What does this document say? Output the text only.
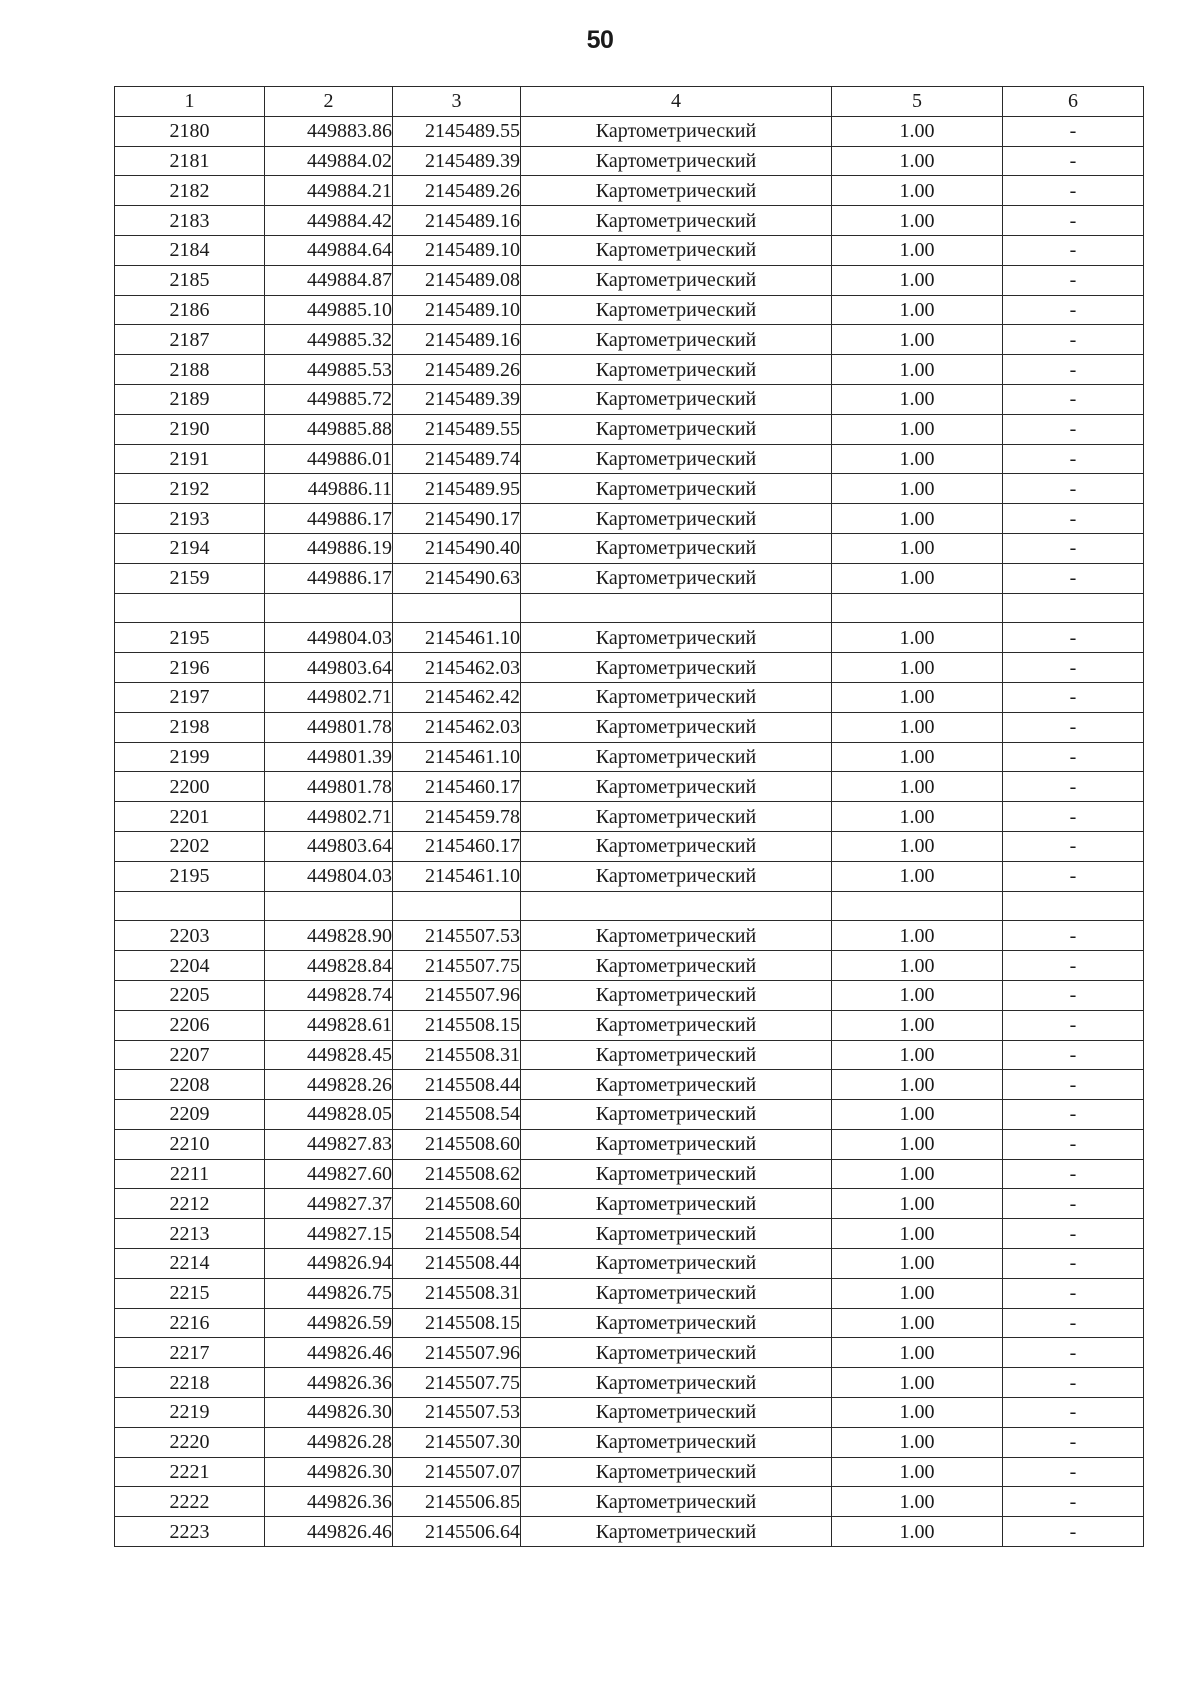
50
1	2	3	4	5	6
2180	449883.86	2145489.55	Картометрический	1.00	-
2181	449884.02	2145489.39	Картометрический	1.00	-
2182	449884.21	2145489.26	Картометрический	1.00	-
2183	449884.42	2145489.16	Картометрический	1.00	-
2184	449884.64	2145489.10	Картометрический	1.00	-
2185	449884.87	2145489.08	Картометрический	1.00	-
2186	449885.10	2145489.10	Картометрический	1.00	-
2187	449885.32	2145489.16	Картометрический	1.00	-
2188	449885.53	2145489.26	Картометрический	1.00	-
2189	449885.72	2145489.39	Картометрический	1.00	-
2190	449885.88	2145489.55	Картометрический	1.00	-
2191	449886.01	2145489.74	Картометрический	1.00	-
2192	449886.11	2145489.95	Картометрический	1.00	-
2193	449886.17	2145490.17	Картометрический	1.00	-
2194	449886.19	2145490.40	Картометрический	1.00	-
2159	449886.17	2145490.63	Картометрический	1.00	-

2195	449804.03	2145461.10	Картометрический	1.00	-
2196	449803.64	2145462.03	Картометрический	1.00	-
2197	449802.71	2145462.42	Картометрический	1.00	-
2198	449801.78	2145462.03	Картометрический	1.00	-
2199	449801.39	2145461.10	Картометрический	1.00	-
2200	449801.78	2145460.17	Картометрический	1.00	-
2201	449802.71	2145459.78	Картометрический	1.00	-
2202	449803.64	2145460.17	Картометрический	1.00	-
2195	449804.03	2145461.10	Картометрический	1.00	-

2203	449828.90	2145507.53	Картометрический	1.00	-
2204	449828.84	2145507.75	Картометрический	1.00	-
2205	449828.74	2145507.96	Картометрический	1.00	-
2206	449828.61	2145508.15	Картометрический	1.00	-
2207	449828.45	2145508.31	Картометрический	1.00	-
2208	449828.26	2145508.44	Картометрический	1.00	-
2209	449828.05	2145508.54	Картометрический	1.00	-
2210	449827.83	2145508.60	Картометрический	1.00	-
2211	449827.60	2145508.62	Картометрический	1.00	-
2212	449827.37	2145508.60	Картометрический	1.00	-
2213	449827.15	2145508.54	Картометрический	1.00	-
2214	449826.94	2145508.44	Картометрический	1.00	-
2215	449826.75	2145508.31	Картометрический	1.00	-
2216	449826.59	2145508.15	Картометрический	1.00	-
2217	449826.46	2145507.96	Картометрический	1.00	-
2218	449826.36	2145507.75	Картометрический	1.00	-
2219	449826.30	2145507.53	Картометрический	1.00	-
2220	449826.28	2145507.30	Картометрический	1.00	-
2221	449826.30	2145507.07	Картометрический	1.00	-
2222	449826.36	2145506.85	Картометрический	1.00	-
2223	449826.46	2145506.64	Картометрический	1.00	-
